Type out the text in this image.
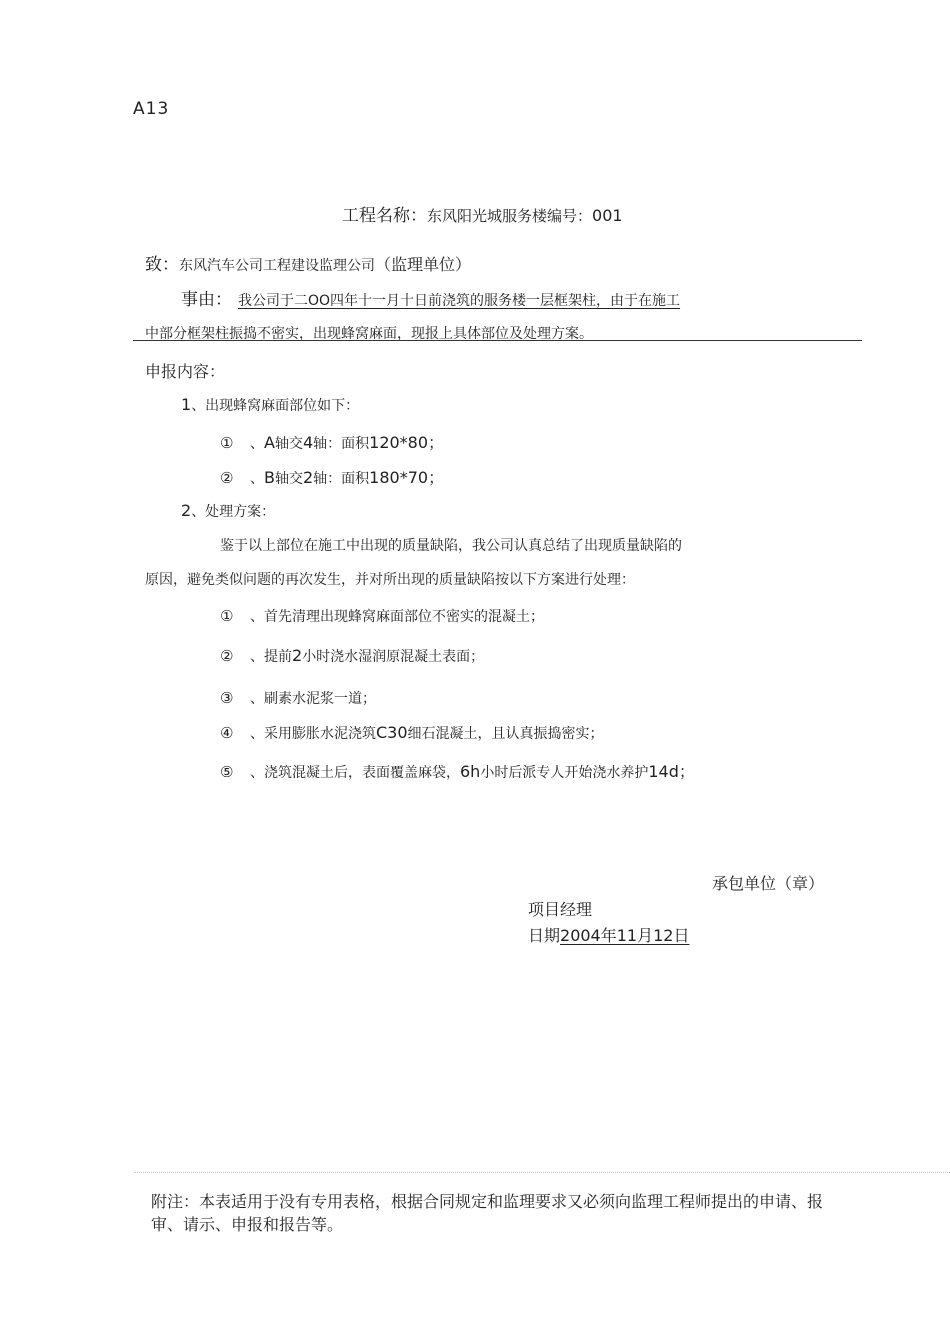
A13
工程名称：东风阳光城服务楼编号：001
致：东风汽车公司工程建设监理公司（监理单位）
事由： 我公司于二OO四年十一月十日前浇筑的服务楼一层框架柱，由于在施工
中部分框架柱振捣不密实，出现蜂窝麻面，现报上具体部位及处理方案。
申报内容：
1、出现蜂窝麻面部位如下：
① 、A轴交4轴：面积120*80；
② 、B轴交2轴：面积180*70；
2、处理方案：
鉴于以上部位在施工中出现的质量缺陷，我公司认真总结了出现质量缺陷的
原因，避免类似问题的再次发生，并对所出现的质量缺陷按以下方案进行处理：
① 、首先清理出现蜂窝麻面部位不密实的混凝土；
② 、提前2小时浇水湿润原混凝土表面；
③ 、刷素水泥浆一道；
④ 、采用膨胀水泥浇筑C30细石混凝土，且认真振捣密实；
⑤ 、浇筑混凝土后，表面覆盖麻袋，6h小时后派专人开始浇水养护14d；
承包单位（章）
项目经理
日期2004年11月12日
附注：本表适用于没有专用表格，根据合同规定和监理要求又必须向监理工程师提出的申请、报审、请示、申报和报告等。
